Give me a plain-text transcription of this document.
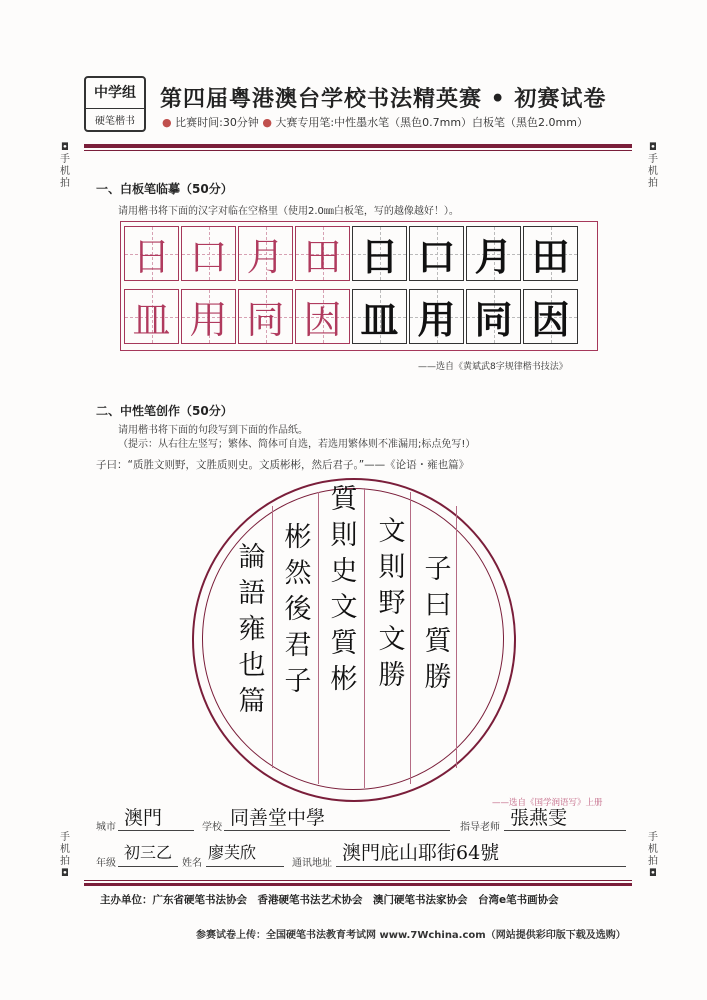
中学组
硬笔楷书
第四届粤港澳台学校书法精英赛 • 初赛试卷
● 比赛时间:30分钟 ● 大赛专用笔:中性墨水笔（黑色0.7mm）白板笔（黑色2.0mm）
◘
手机拍
◘
手机拍
手机拍
◘
手机拍
◘
一、白板笔临摹（50分）
请用楷书将下面的汉字对临在空格里（使用2.0㎜白板笔，写的越像越好！）。
日 口 月 田 日 口 月 田
皿 用 同 因 皿 用 同 因
——选自《黄斌武8字规律楷书技法》
二、中性笔创作（50分）
请用楷书将下面的句段写到下面的作品纸。
（提示：从右往左竖写；繁体、简体可自选，若选用繁体则不准漏用;标点免写!）
子曰：“质胜文则野，文胜质则史。文质彬彬，然后君子。”——《论语・雍也篇》
子曰質勝
文則野文勝
質則史文質彬
彬然後君子
論語雍也篇
——选自《国学润语写》上册
城市 澳門	学校 同善堂中學	指导老师 張燕雯
年级
初三乙
姓名
廖芙欣
通讯地址 澳門庇山耶街64號
主办单位：广东省硬笔书法协会　香港硬笔书法艺术协会　澳门硬笔书法家协会　台湾e笔书画协会
参赛试卷上传：全国硬笔书法教育考试网 www.7Wchina.com（网站提供彩印版下载及选购）
